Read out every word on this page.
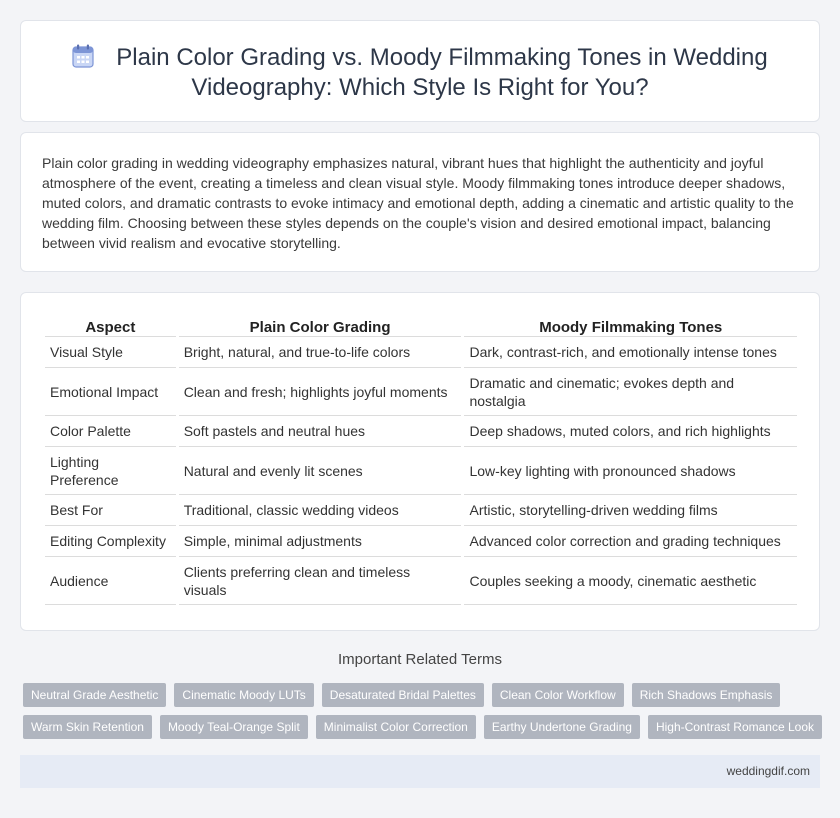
Plain Color Grading vs. Moody Filmmaking Tones in Wedding Videography: Which Style Is Right for You?

Plain color grading in wedding videography emphasizes natural, vibrant hues that highlight the authenticity and joyful atmosphere of the event, creating a timeless and clean visual style. Moody filmmaking tones introduce deeper shadows, muted colors, and dramatic contrasts to evoke intimacy and emotional depth, adding a cinematic and artistic quality to the wedding film. Choosing between these styles depends on the couple's vision and desired emotional impact, balancing between vivid realism and evocative storytelling.

Aspect	Plain Color Grading	Moody Filmmaking Tones
Visual Style	Bright, natural, and true-to-life colors	Dark, contrast-rich, and emotionally intense tones
Emotional Impact	Clean and fresh; highlights joyful moments	Dramatic and cinematic; evokes depth and nostalgia
Color Palette	Soft pastels and neutral hues	Deep shadows, muted colors, and rich highlights
Lighting Preference	Natural and evenly lit scenes	Low-key lighting with pronounced shadows
Best For	Traditional, classic wedding videos	Artistic, storytelling-driven wedding films
Editing Complexity	Simple, minimal adjustments	Advanced color correction and grading techniques
Audience	Clients preferring clean and timeless visuals	Couples seeking a moody, cinematic aesthetic
Important Related Terms
Neutral Grade Aesthetic	Cinematic Moody LUTs	Desaturated Bridal Palettes	Clean Color Workflow	Rich Shadows Emphasis
Warm Skin Retention	Moody Teal-Orange Split	Minimalist Color Correction	Earthy Undertone Grading	High-Contrast Romance Look
weddingdif.com
